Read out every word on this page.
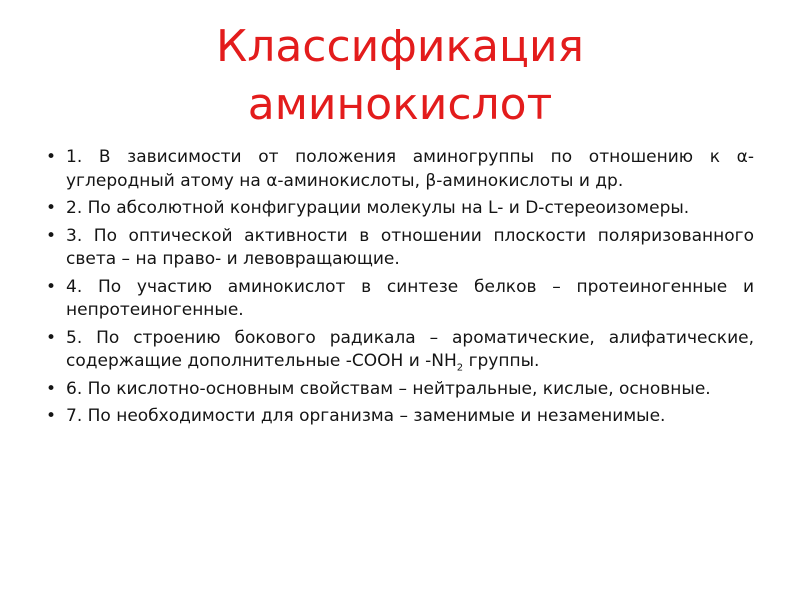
Классификация
аминокислот
• 1. В зависимости от положения аминогруппы по отношению к α-углеродный атому на α-аминокислоты, β-аминокислоты и др.
• 2. По абсолютной конфигурации молекулы на L- и D-стереоизомеры.
• 3. По оптической активности в отношении плоскости поляризованного света – на право- и левовращающие.
• 4. По участию аминокислот в синтезе белков – протеиногенные и непротеиногенные.
• 5. По строению бокового радикала – ароматические, алифатические, содержащие дополнительные -COOH и $-NH_2$ группы.
• 6. По кислотно-основным свойствам – нейтральные, кислые, основные.
• 7. По необходимости для организма – заменимые и незаменимые.
